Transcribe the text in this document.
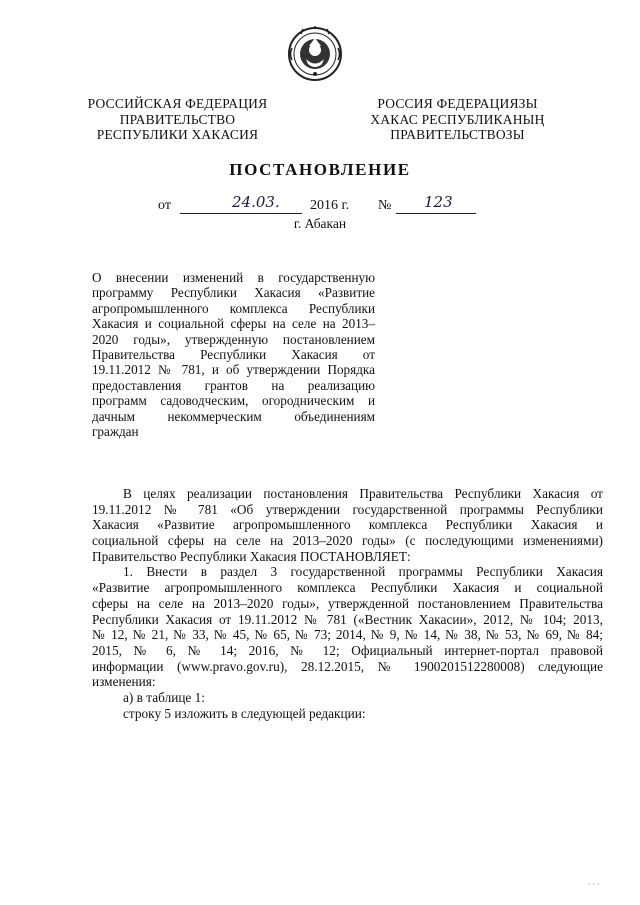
РОССИЙСКАЯ ФЕДЕРАЦИЯ
ПРАВИТЕЛЬСТВО
РЕСПУБЛИКИ ХАКАСИЯ
РОССИЯ ФЕДЕРАЦИЯЗЫ
ХАКАС РЕСПУБЛИКАНЫҢ
ПРАВИТЕЛЬСТВОЗЫ
ПОСТАНОВЛЕНИЕ
от	24.03. 2016 г. № 123
г. Абакан
О внесении изменений в государственную
программу Республики Хакасия «Развитие
агропромышленного комплекса Республики
Хакасия и социальной сферы на селе на 2013–
2020 годы», утвержденную постановлением
Правительства Республики Хакасия от
19.11.2012 № 781, и об утверждении Порядка
предоставления грантов на реализацию
программ садоводческим, огородническим и
дачным некоммерческим объединениям
граждан
В целях реализации постановления Правительства Республики Хакасия от
19.11.2012 № 781 «Об утверждении государственной программы Республики
Хакасия «Развитие агропромышленного комплекса Республики Хакасия и
социальной сферы на селе на 2013–2020 годы» (с последующими изменениями)
Правительство Республики Хакасия ПОСТАНОВЛЯЕТ:
1. Внести в раздел 3 государственной программы Республики Хакасия
«Развитие агропромышленного комплекса Республики Хакасия и социальной
сферы на селе на 2013–2020 годы», утвержденной постановлением Правительства
Республики Хакасия от 19.11.2012 № 781 («Вестник Хакасии», 2012, № 104; 2013,
№ 12, № 21, № 33, № 45, № 65, № 73; 2014, № 9, № 14, № 38, № 53, № 69, № 84;
2015, № 6, № 14; 2016, № 12; Официальный интернет-портал правовой
информации (www.pravo.gov.ru), 28.12.2015, № 1900201512280008) следующие
изменения:
а) в таблице 1:
строку 5 изложить в следующей редакции:
· · ·
